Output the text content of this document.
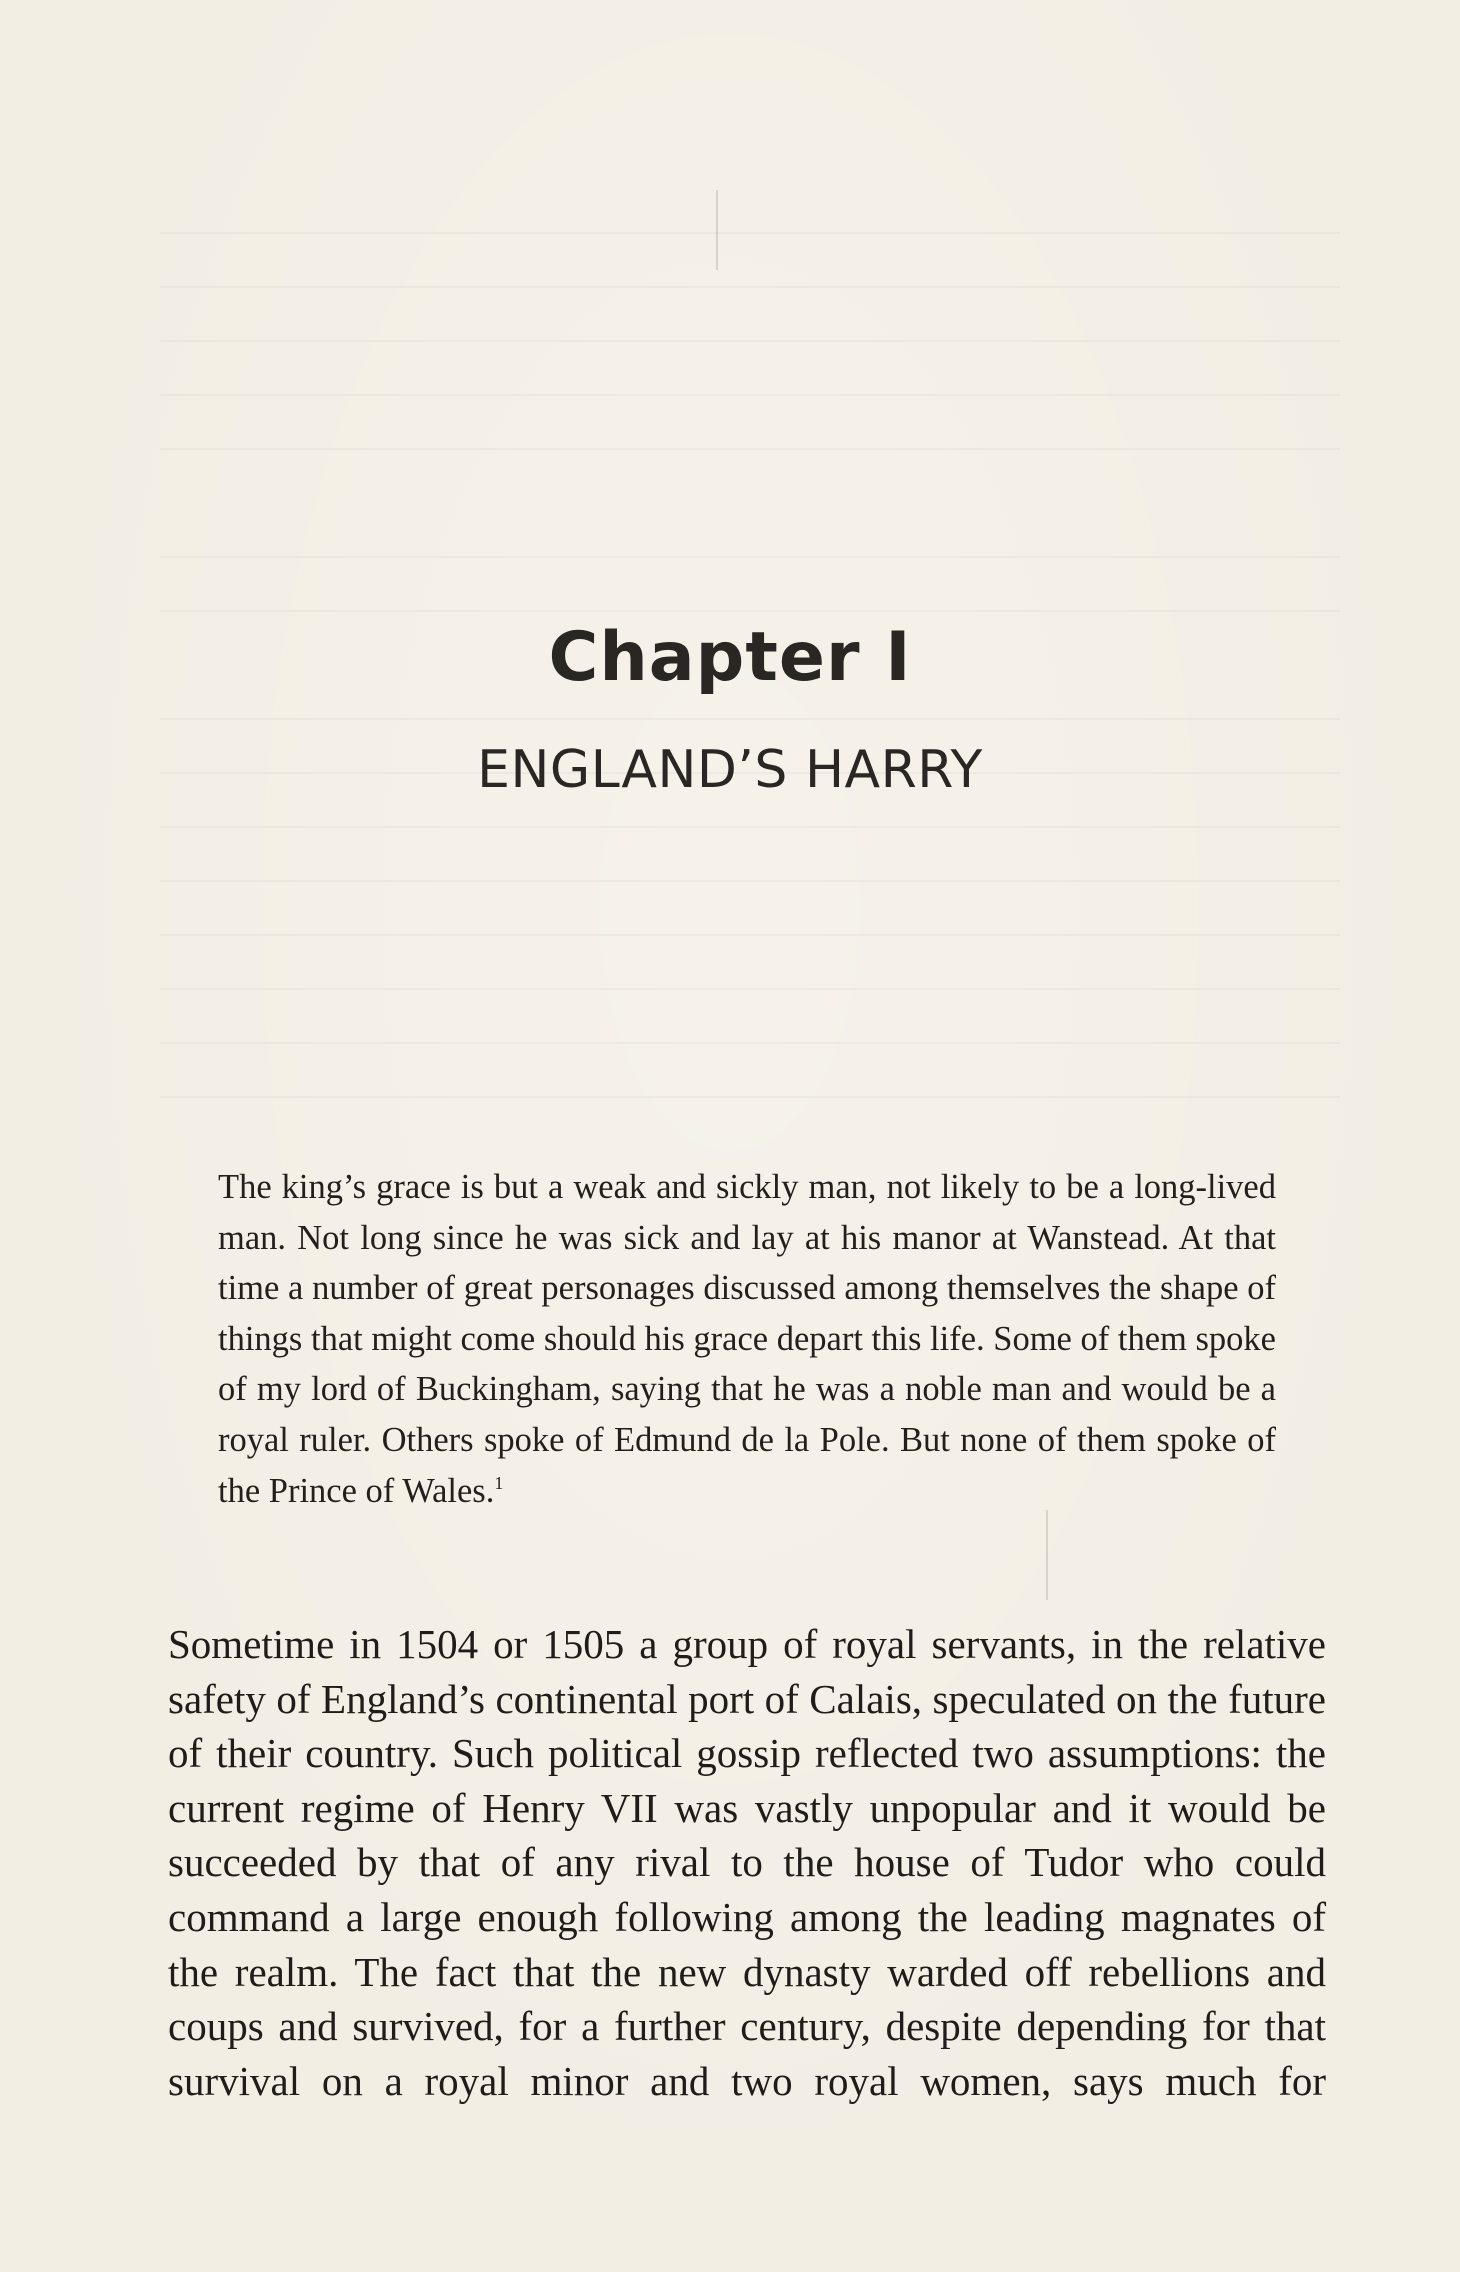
Chapter I
ENGLAND’S HARRY

The king’s grace is but a weak and sickly man, not likely to be a long-lived man. Not long since he was sick and lay at his manor at Wanstead. At that time a number of great personages discussed among themselves the shape of things that might come should his grace depart this life. Some of them spoke of my lord of Buckingham, saying that he was a noble man and would be a royal ruler. Others spoke of Edmund de la Pole. But none of them spoke of the Prince of Wales.$^1$

Sometime in 1504 or 1505 a group of royal servants, in the relative safety of England’s continental port of Calais, speculated on the future of their country. Such political gossip reflected two assumptions: the current regime of Henry VII was vastly unpopular and it would be succeeded by that of any rival to the house of Tudor who could command a large enough following among the leading magnates of the realm. The fact that the new dynasty warded off rebellions and coups and survived, for a further century, despite depending for that survival on a royal minor and two royal women, says much for
